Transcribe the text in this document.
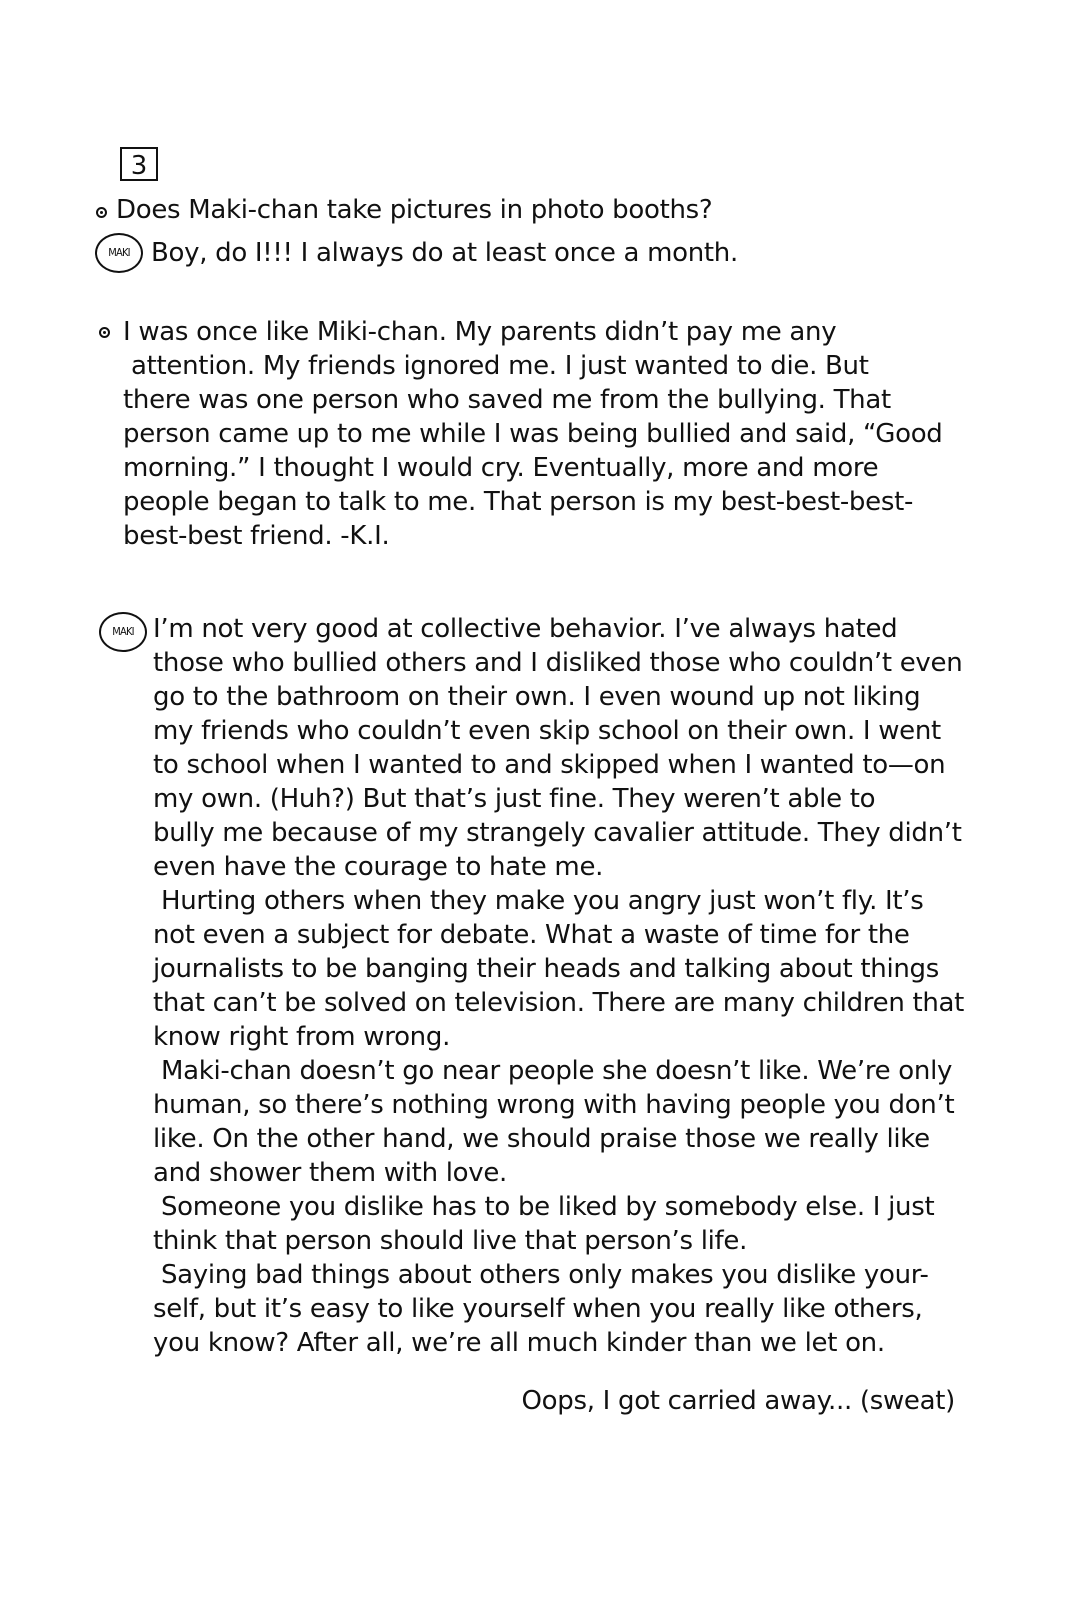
3
Does Maki-chan take pictures in photo booths?
MAKI Boy, do I!!! I always do at least once a month.
I was once like Miki-chan. My parents didn’t pay me any
attention. My friends ignored me. I just wanted to die. But
there was one person who saved me from the bullying. That
person came up to me while I was being bullied and said, “Good
morning.” I thought I would cry. Eventually, more and more
people began to talk to me. That person is my best-best-best-
best-best friend. -K.I.
MAKI I’m not very good at collective behavior. I’ve always hated
those who bullied others and I disliked those who couldn’t even
go to the bathroom on their own. I even wound up not liking
my friends who couldn’t even skip school on their own. I went
to school when I wanted to and skipped when I wanted to—on
my own. (Huh?) But that’s just fine. They weren’t able to
bully me because of my strangely cavalier attitude. They didn’t
even have the courage to hate me.
Hurting others when they make you angry just won’t fly. It’s
not even a subject for debate. What a waste of time for the
journalists to be banging their heads and talking about things
that can’t be solved on television. There are many children that
know right from wrong.
Maki-chan doesn’t go near people she doesn’t like. We’re only
human, so there’s nothing wrong with having people you don’t
like. On the other hand, we should praise those we really like
and shower them with love.
Someone you dislike has to be liked by somebody else. I just
think that person should live that person’s life.
Saying bad things about others only makes you dislike your-
self, but it’s easy to like yourself when you really like others,
you know? After all, we’re all much kinder than we let on.
Oops, I got carried away... (sweat)
